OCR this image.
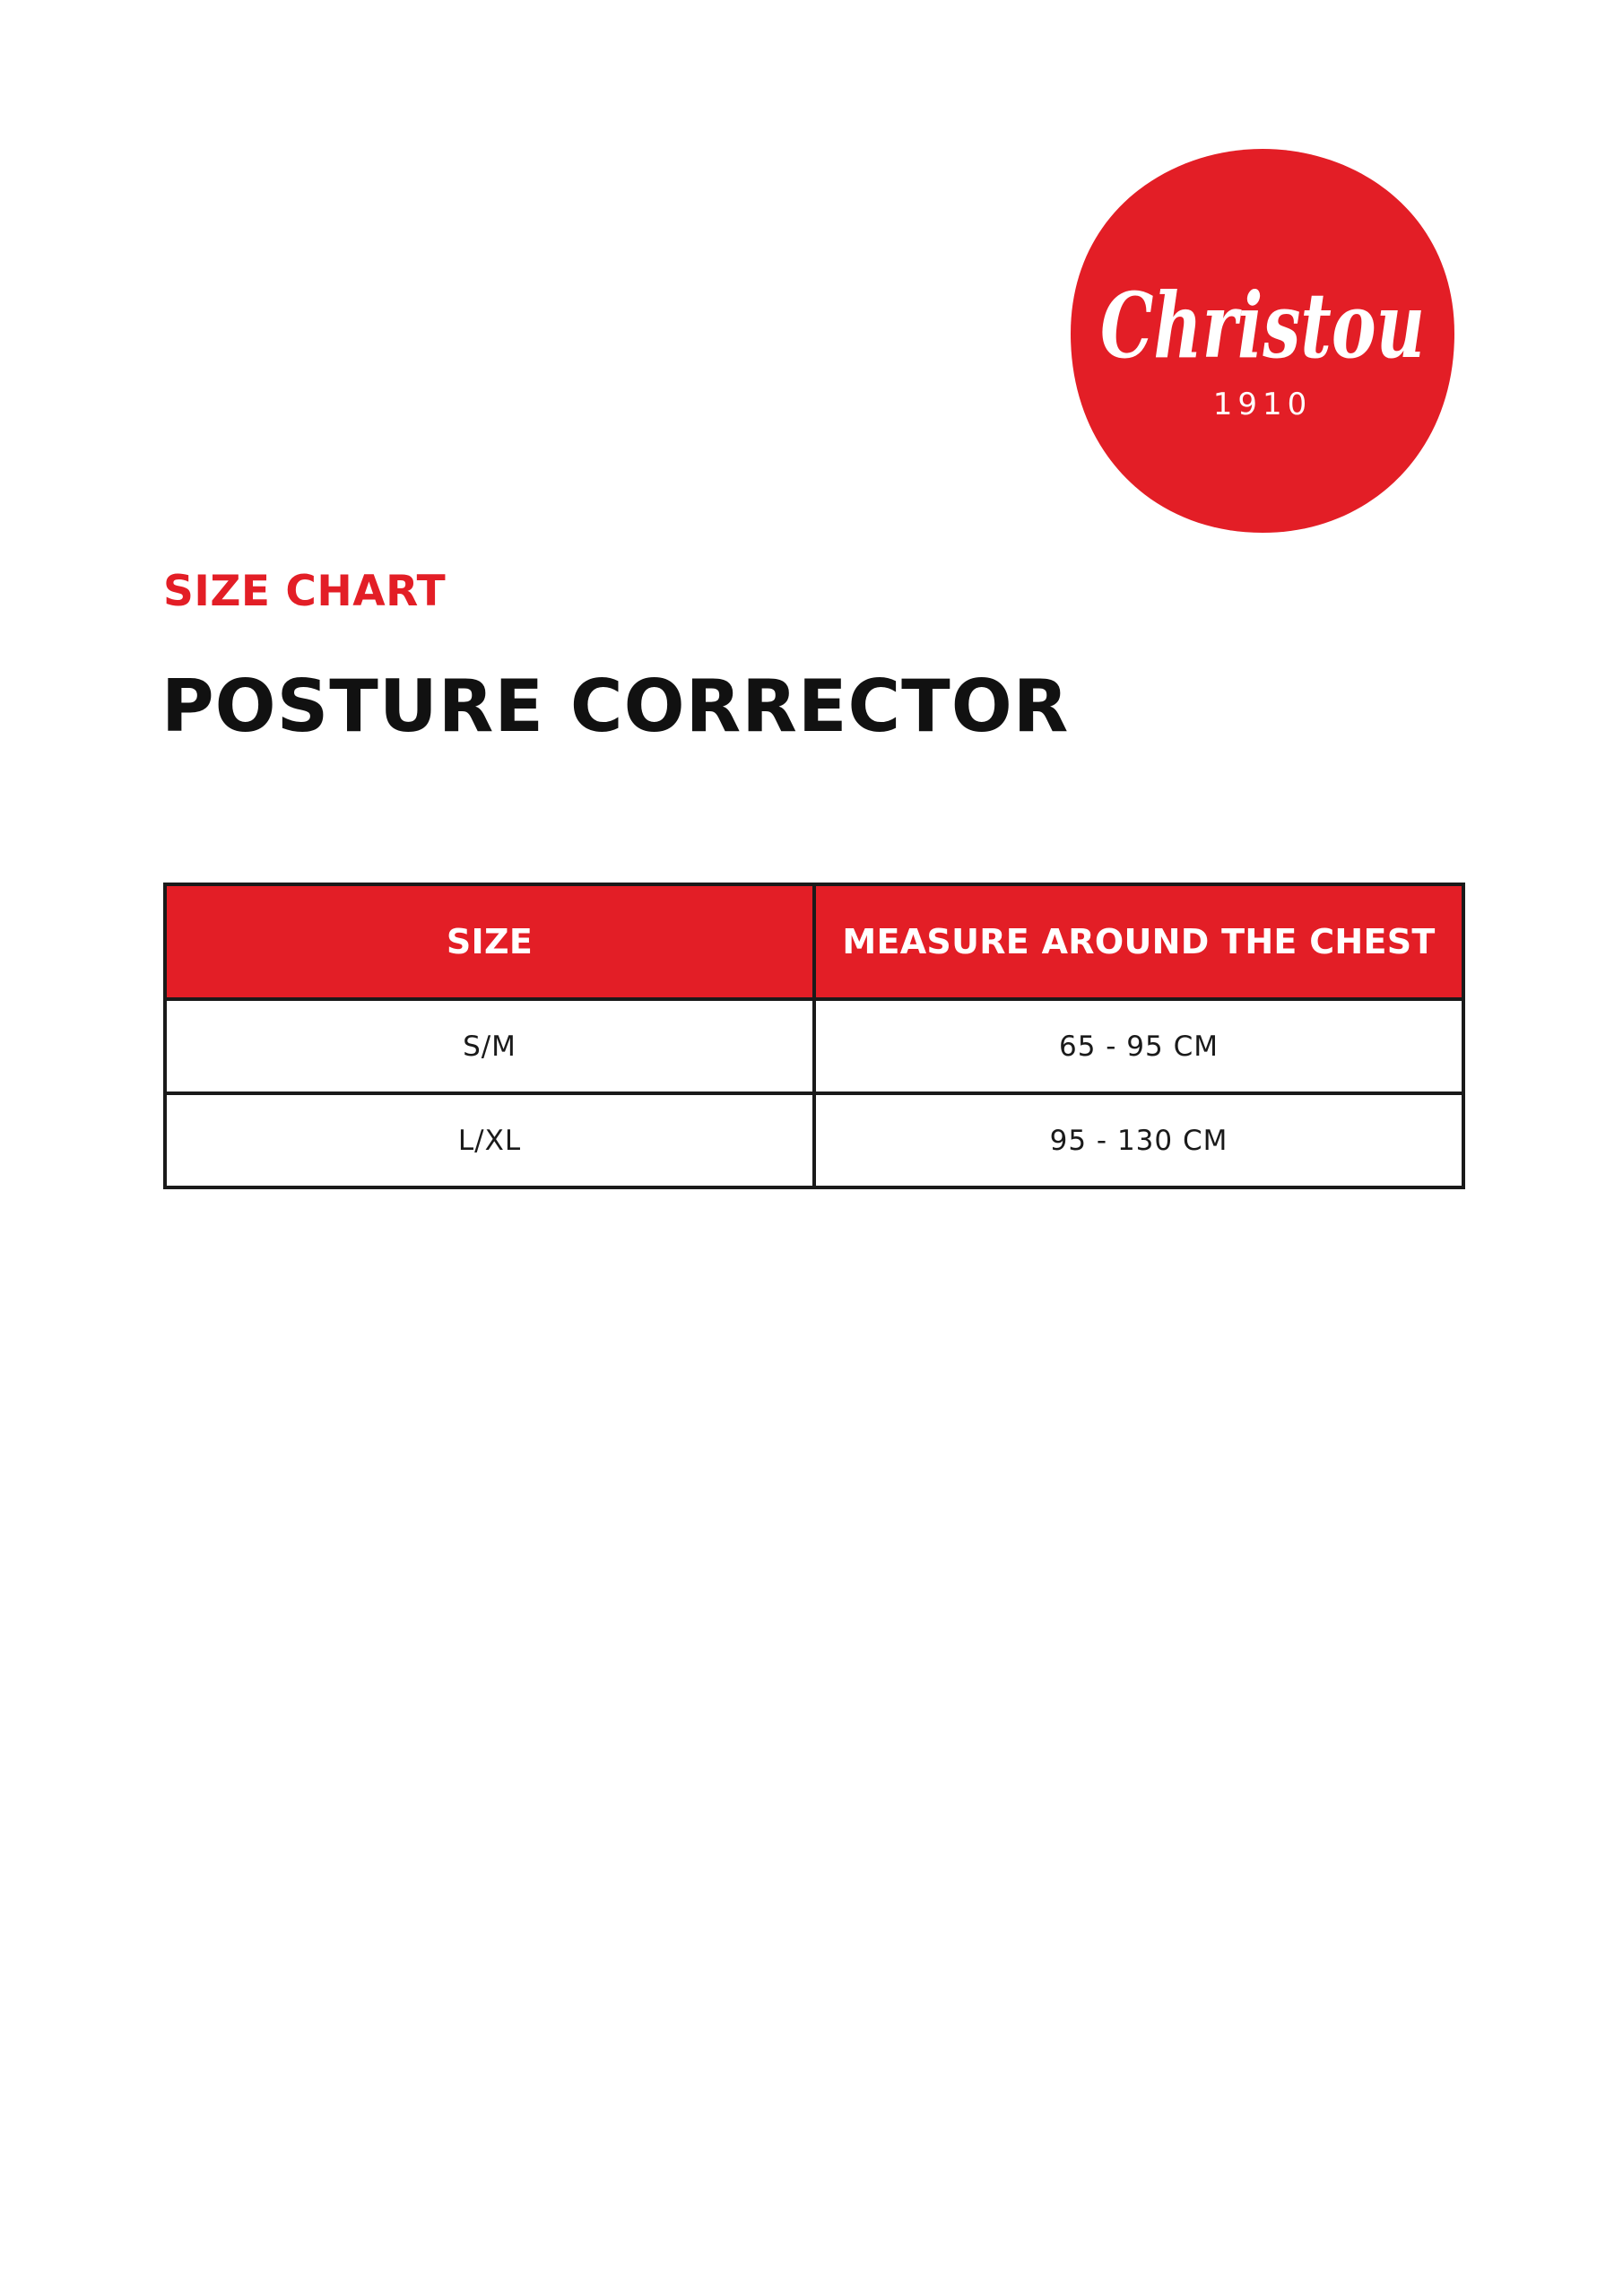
Christou
1910
SIZE CHART
POSTURE CORRECTOR
SIZE	MEASURE AROUND THE CHEST
S/M	65 - 95 CM
L/XL	95 - 130 CM
